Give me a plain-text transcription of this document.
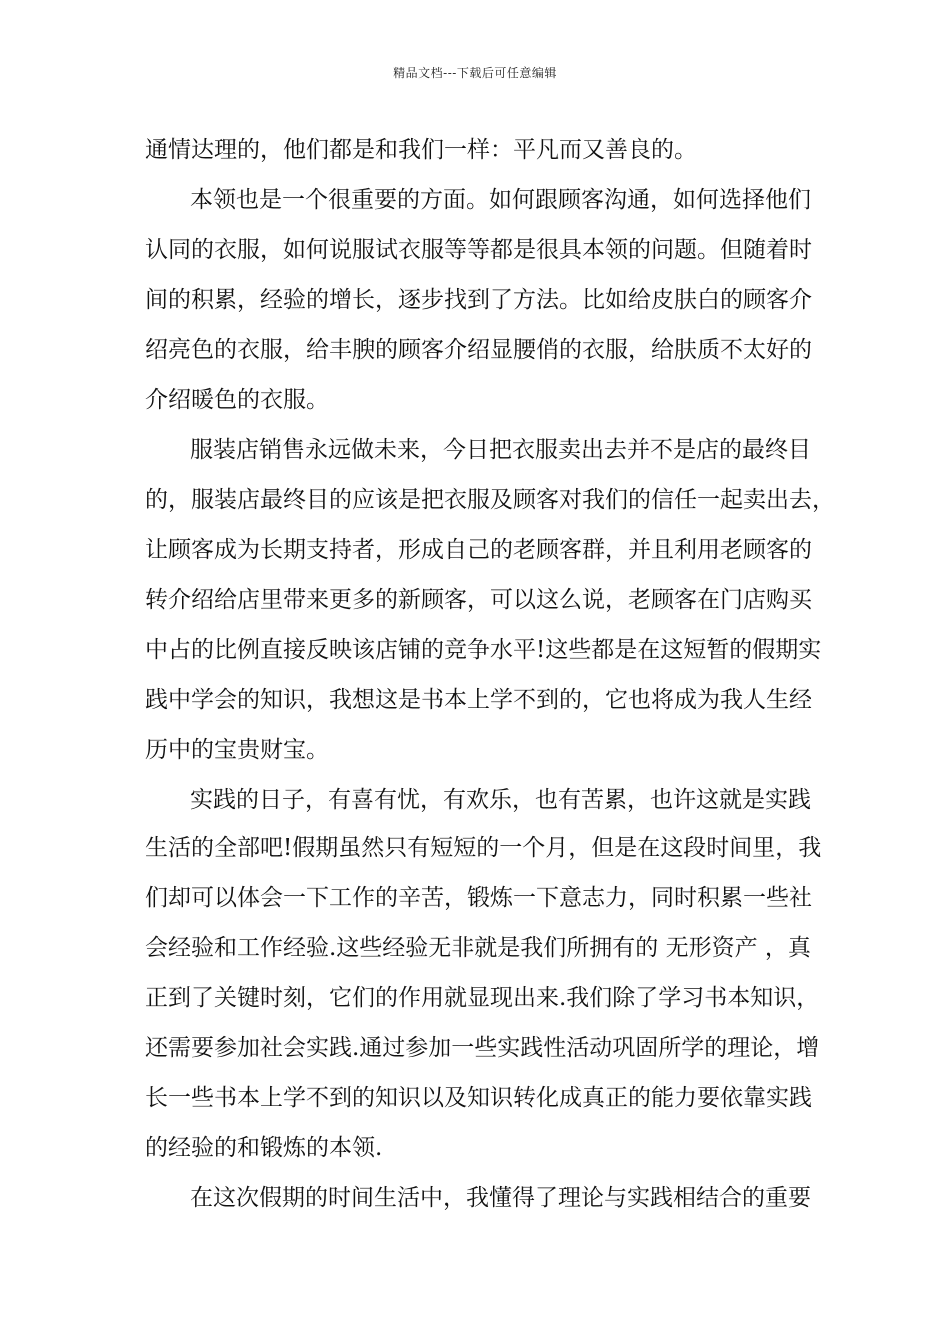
精品文档---下载后可任意编辑
通情达理的，他们都是和我们一样：平凡而又善良的。
本领也是一个很重要的方面。如何跟顾客沟通，如何选择他们
认同的衣服，如何说服试衣服等等都是很具本领的问题。但随着时
间的积累，经验的增长，逐步找到了方法。比如给皮肤白的顾客介
绍亮色的衣服，给丰腴的顾客介绍显腰俏的衣服，给肤质不太好的
介绍暖色的衣服。
服装店销售永远做未来，今日把衣服卖出去并不是店的最终目
的，服装店最终目的应该是把衣服及顾客对我们的信任一起卖出去，
让顾客成为长期支持者，形成自己的老顾客群，并且利用老顾客的
转介绍给店里带来更多的新顾客，可以这么说，老顾客在门店购买
中占的比例直接反映该店铺的竞争水平!这些都是在这短暂的假期实
践中学会的知识，我想这是书本上学不到的，它也将成为我人生经
历中的宝贵财宝。
实践的日子，有喜有忧，有欢乐，也有苦累，也许这就是实践
生活的全部吧!假期虽然只有短短的一个月，但是在这段时间里，我
们却可以体会一下工作的辛苦，锻炼一下意志力，同时积累一些社
会经验和工作经验.这些经验无非就是我们所拥有的 无形资产 ，真
正到了关键时刻，它们的作用就显现出来.我们除了学习书本知识，
还需要参加社会实践.通过参加一些实践性活动巩固所学的理论，增
长一些书本上学不到的知识以及知识转化成真正的能力要依靠实践
的经验的和锻炼的本领.
在这次假期的时间生活中，我懂得了理论与实践相结合的重要
